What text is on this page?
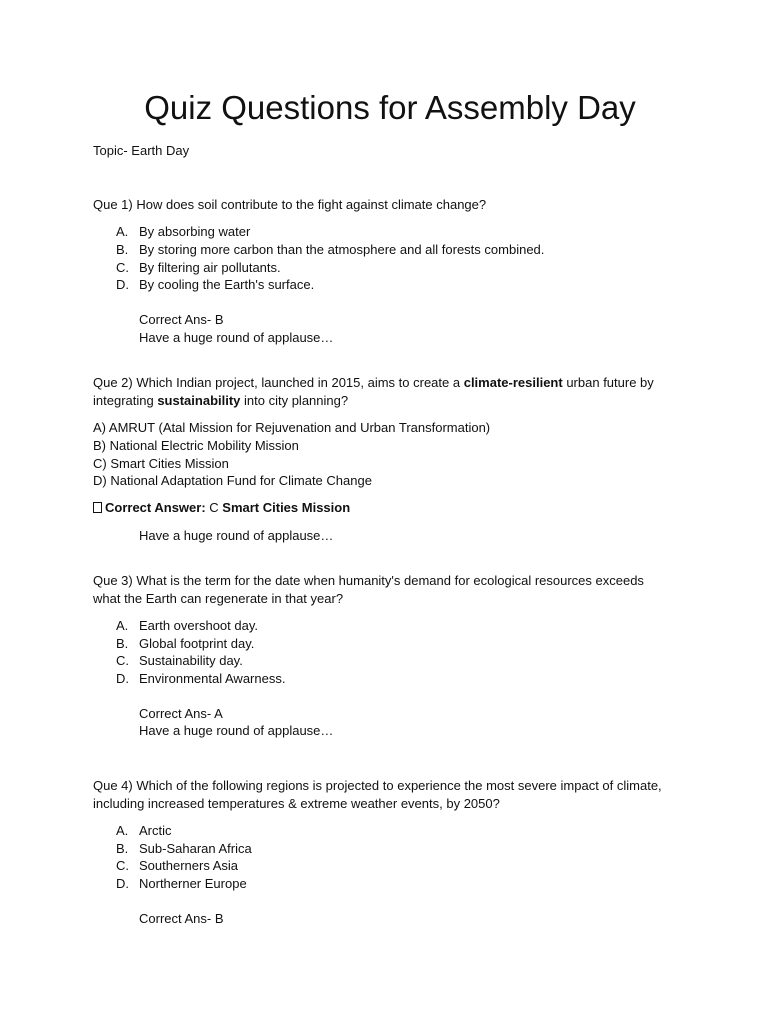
Quiz Questions for Assembly Day
Topic- Earth Day
Que 1) How does soil contribute to the fight against climate change?
A. By absorbing water
B. By storing more carbon than the atmosphere and all forests combined.
C. By filtering air pollutants.
D. By cooling the Earth's surface.
Correct Ans- B
Have a huge round of applause…
Que 2) Which Indian project, launched in 2015, aims to create a climate-resilient urban future by
integrating sustainability into city planning?
A) AMRUT (Atal Mission for Rejuvenation and Urban Transformation)
B) National Electric Mobility Mission
C) Smart Cities Mission
D) National Adaptation Fund for Climate Change
Correct Answer: C Smart Cities Mission
Have a huge round of applause…
Que 3) What is the term for the date when humanity's demand for ecological resources exceeds
what the Earth can regenerate in that year?
A. Earth overshoot day.
B. Global footprint day.
C. Sustainability day.
D. Environmental Awarness.
Correct Ans- A
Have a huge round of applause…
Que 4) Which of the following regions is projected to experience the most severe impact of climate,
including increased temperatures & extreme weather events, by 2050?
A. Arctic
B. Sub-Saharan Africa
C. Southerners Asia
D. Northerner Europe
Correct Ans- B
